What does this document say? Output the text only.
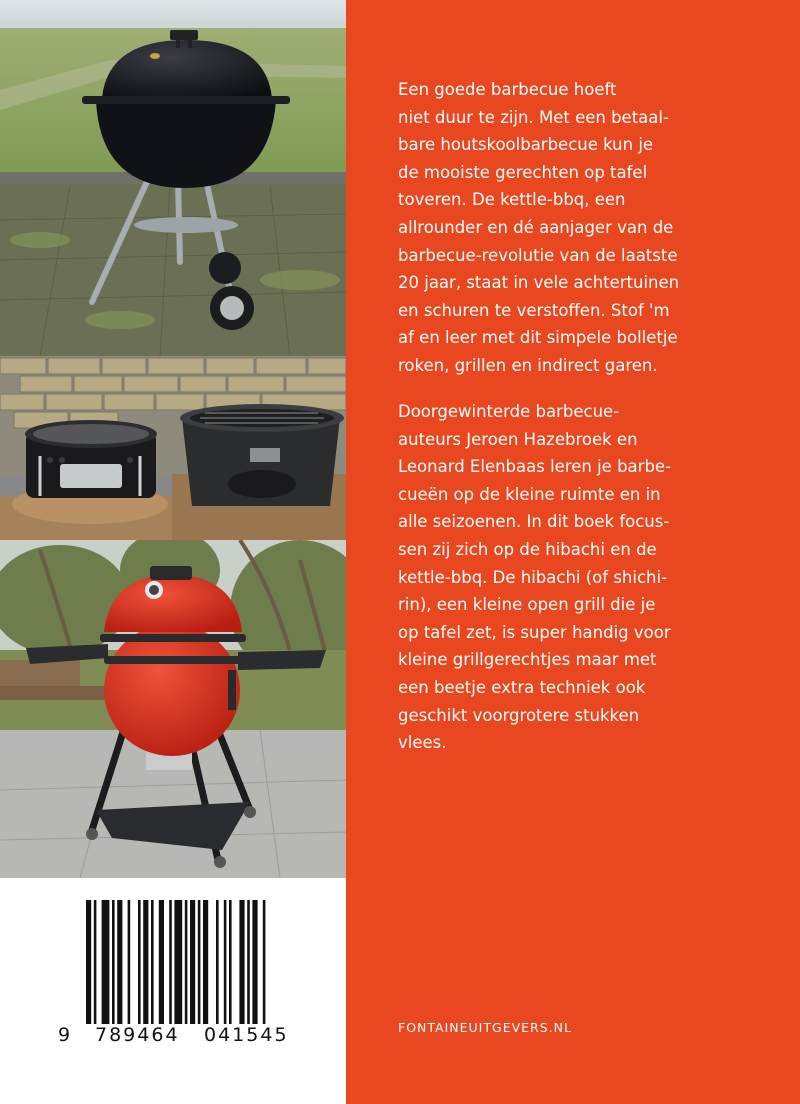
9 789464 041545

Een goede barbecue hoeft
niet duur te zijn. Met een betaal-
bare houtskoolbarbecue kun je
de mooiste gerechten op tafel
toveren. De kettle-bbq, een
allrounder en dé aanjager van de
barbecue-revolutie van de laatste
20 jaar, staat in vele achtertuinen
en schuren te verstoffen. Stof 'm
af en leer met dit simpele bolletje
roken, grillen en indirect garen.

Doorgewinterde barbecue-
auteurs Jeroen Hazebroek en
Leonard Elenbaas leren je barbe-
cueën op de kleine ruimte en in
alle seizoenen. In dit boek focus-
sen zij zich op de hibachi en de
kettle-bbq. De hibachi (of shichi-
rin), een kleine open grill die je
op tafel zet, is super handig voor
kleine grillgerechtjes maar met
een beetje extra techniek ook
geschikt voorgrotere stukken
vlees.

FONTAINEUITGEVERS.NL
